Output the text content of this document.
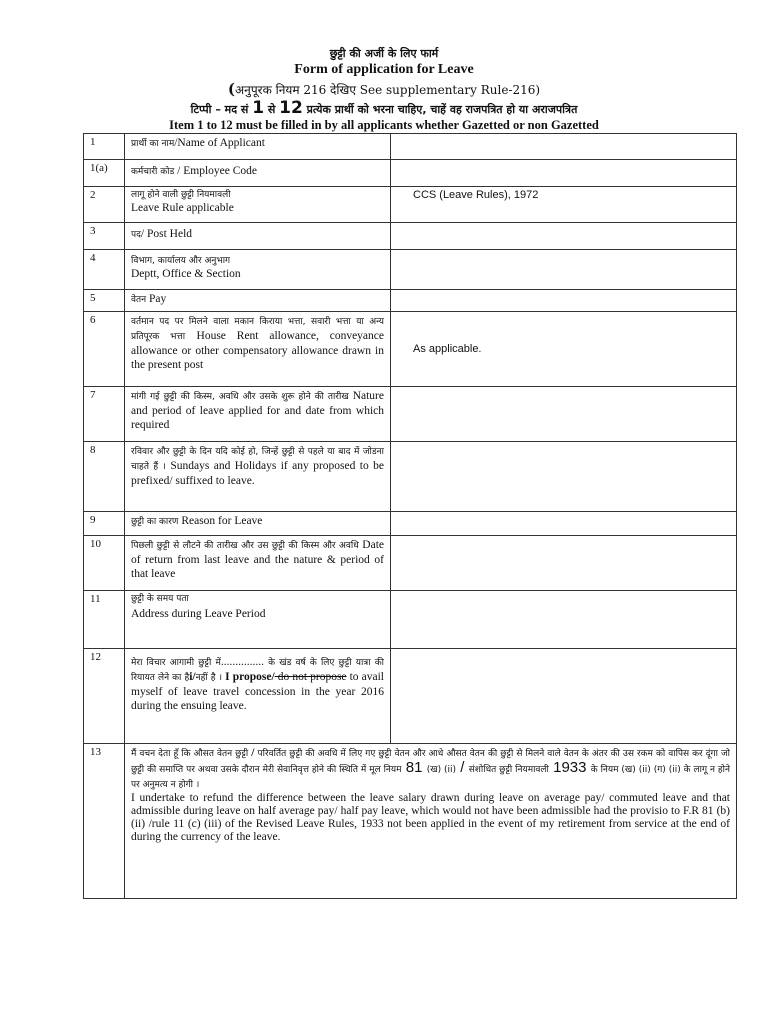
छुट्टी की अर्जी के लिए फार्म
Form of application for Leave
(अनुपूरक नियम 216 देखिए See supplementary Rule-216)
टिप्पी – मद सं 1 से 12 प्रत्येक प्रार्थी को भरना चाहिए, चाहें वह राजपत्रित हो या अराजपत्रित
Item 1 to 12 must be filled in by all applicants whether Gazetted or non Gazetted
1	प्रार्थी का नाम/Name of Applicant	
1(a)	कर्मचारी कोड / Employee Code	
2	लागू होने वाली छुट्टी नियमावली
Leave Rule applicable	CCS (Leave Rules), 1972
3	पद/ Post Held	
4	विभाग, कार्यालय और अनुभाग
Deptt, Office & Section	

5	वेतन Pay	
6	वर्तमान पद पर मिलने वाला मकान किराया भत्ता, सवारी भत्ता या अन्य प्रतिपूरक भत्ता House Rent allowance, conveyance allowance or other compensatory allowance drawn in the present post	As applicable.
7	मांगी गई छुट्टी की किस्म, अवधि और उसके शुरू होने की तारीख Nature and period of leave applied for and date from which required	
8	रविवार और छुट्टी के दिन यदि कोई हो, जिन्हें छुट्टी से पहले या बाद में जोडना चाहते हैं । Sundays and Holidays if any proposed to be prefixed/ suffixed to leave.	
9	छुट्टी का कारण Reason for Leave	
10	पिछली छुट्टी से लौटने की तारीख और उस छुट्टी की किस्म और अवधि Date of return from last leave and the nature & period of that leave	
11	छुट्टी के समय पता
Address during Leave Period	

12	मेरा विचार आगामी छुट्टी में............... के खंड वर्ष के लिए छुट्टी यात्रा की रियायत लेने का हैi/नहीं है । I propose/ do not propose to avail myself of leave travel concession in the year 2016 during the ensuing leave.	
13	मैं वचन देता हूँ कि औसत वेतन छुट्टी / परिवर्तित छुट्टी की अवधि में लिए गए छुट्टी वेतन और आधे औसत वेतन की छुट्टी से मिलने वाले वेतन के अंतर की उस रकम को वापिस कर दूंगा जो छुट्टी की समाप्ति पर अथवा उसके दौरान मेरी सेवानिवृत्त होने की स्थिति में मूल नियम 81 (ख) (ii) / संशोधित छुट्टी नियमावली 1933 के नियम (ख) (ii) (ग) (ii) के लागू न होने पर अनुमत्य न होगी ।
I undertake to refund the difference between the leave salary drawn during leave on average pay/ commuted leave and that admissible during leave on half average pay/ half pay leave, which would not have been admissible had the provisio to F.R 81 (b) (ii) /rule 11 (c) (iii) of the Revised Leave Rules, 1933 not been applied in the event of my retirement from service at the end of during the currency of the leave.	
